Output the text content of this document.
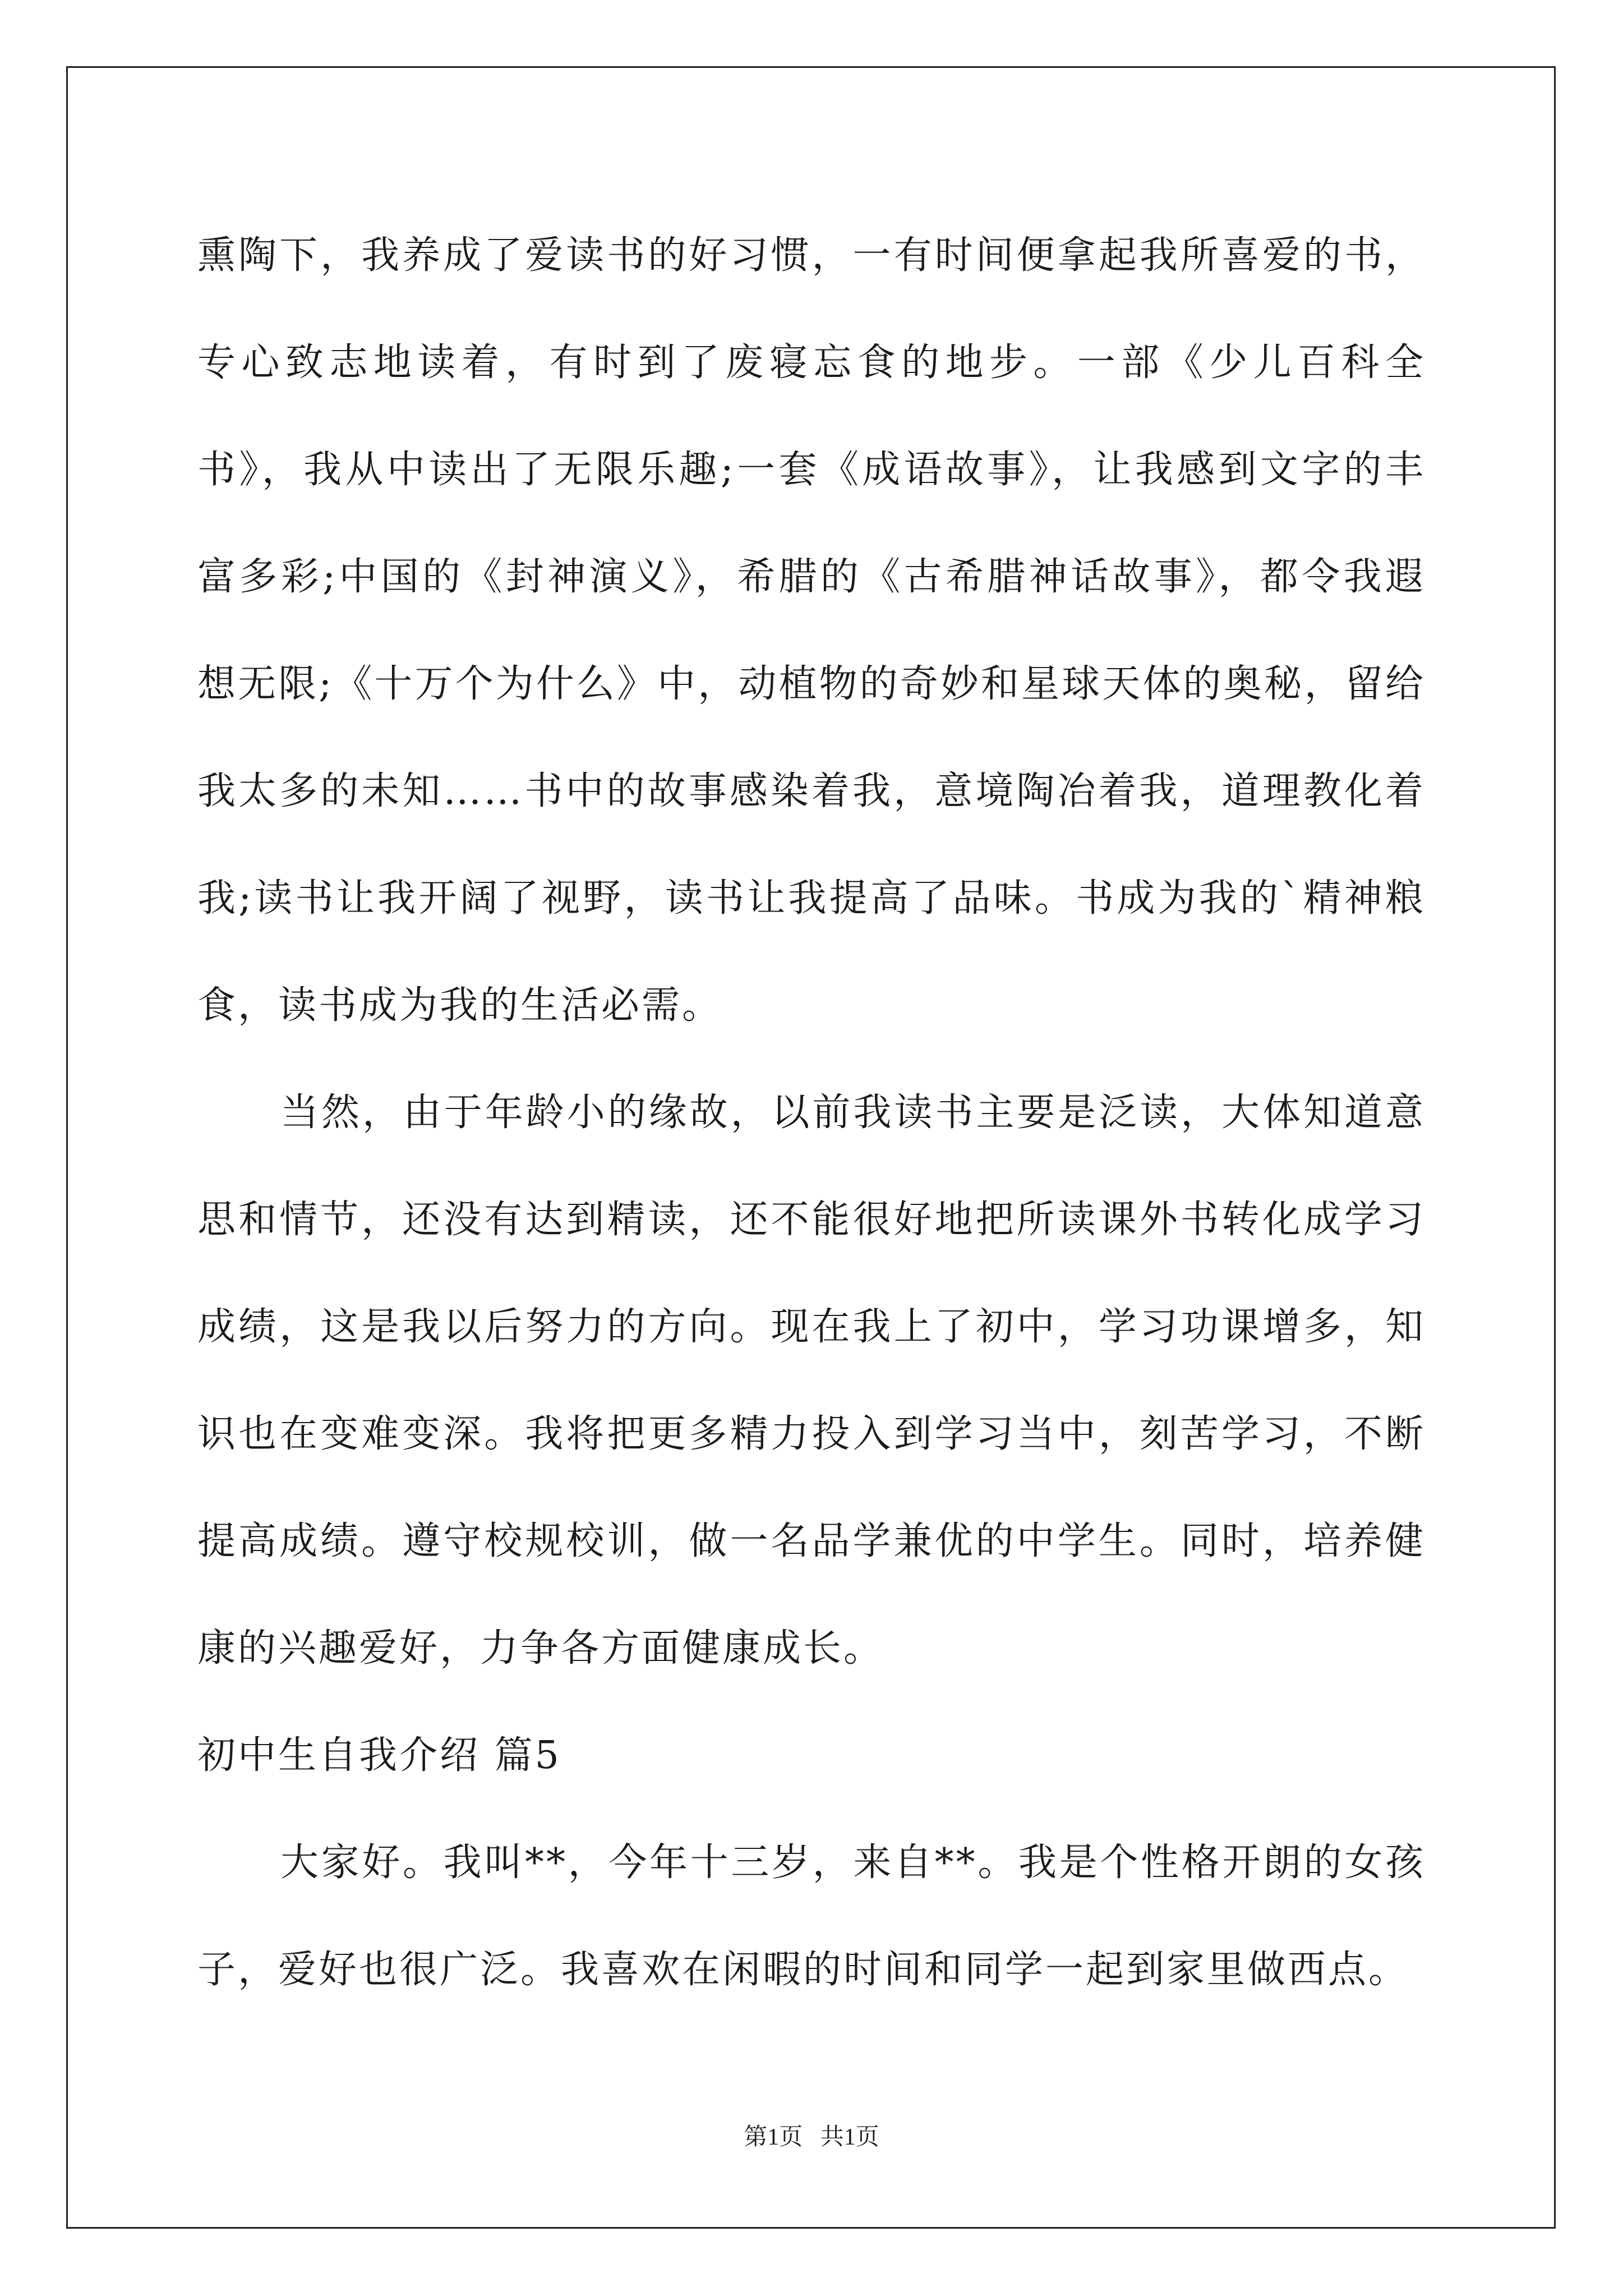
熏陶下，我养成了爱读书的好习惯，一有时间便拿起我所喜爱的书，专心致志地读着，有时到了废寝忘食的地步。一部《少儿百科全书》，我从中读出了无限乐趣;一套《成语故事》，让我感到文字的丰富多彩;中国的《封神演义》，希腊的《古希腊神话故事》，都令我遐想无限;《十万个为什么》中，动植物的奇妙和星球天体的奥秘，留给我太多的未知……书中的故事感染着我，意境陶冶着我，道理教化着我;读书让我开阔了视野，读书让我提高了品味。书成为我的`精神粮食，读书成为我的生活必需。

当然，由于年龄小的缘故，以前我读书主要是泛读，大体知道意思和情节，还没有达到精读，还不能很好地把所读课外书转化成学习成绩，这是我以后努力的方向。现在我上了初中，学习功课增多，知识也在变难变深。我将把更多精力投入到学习当中，刻苦学习，不断提高成绩。遵守校规校训，做一名品学兼优的中学生。同时，培养健康的兴趣爱好，力争各方面健康成长。

初中生自我介绍 篇5

大家好。我叫**，今年十三岁，来自**。我是个性格开朗的女孩子，爱好也很广泛。我喜欢在闲暇的时间和同学一起到家里做西点。

第1页 共1页
